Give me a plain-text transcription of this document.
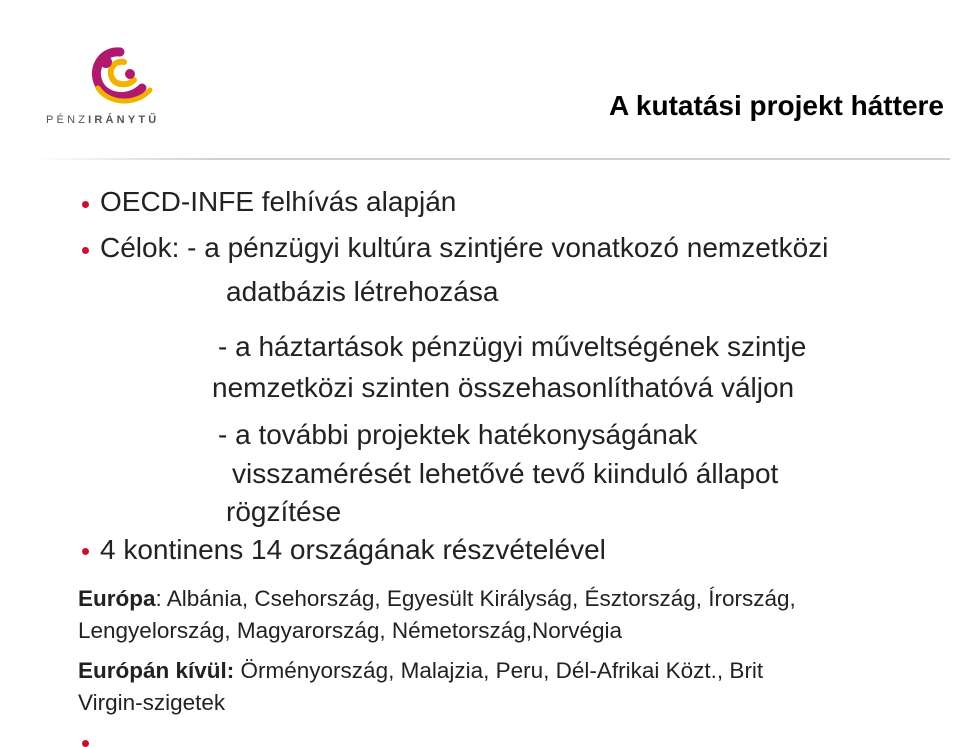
PÉNZIRÁNYTŰ	A kutatási projekt háttere
OECD-INFE felhívás alapján
Célok: - a pénzügyi kultúra szintjére vonatkozó nemzetközi
adatbázis létrehozása
- a háztartások pénzügyi műveltségének szintje
nemzetközi szinten összehasonlíthatóvá váljon
- a további projektek hatékonyságának
visszamérését lehetővé tevő kiinduló állapot
rögzítése
4 kontinens 14 országának részvételével
Európa: Albánia, Csehország, Egyesült Királyság, Észtország, Írország,
Lengyelország, Magyarország, Németország,Norvégia
Európán kívül: Örményország, Malajzia, Peru, Dél-Afrikai Közt., Brit
Virgin-szigetek
